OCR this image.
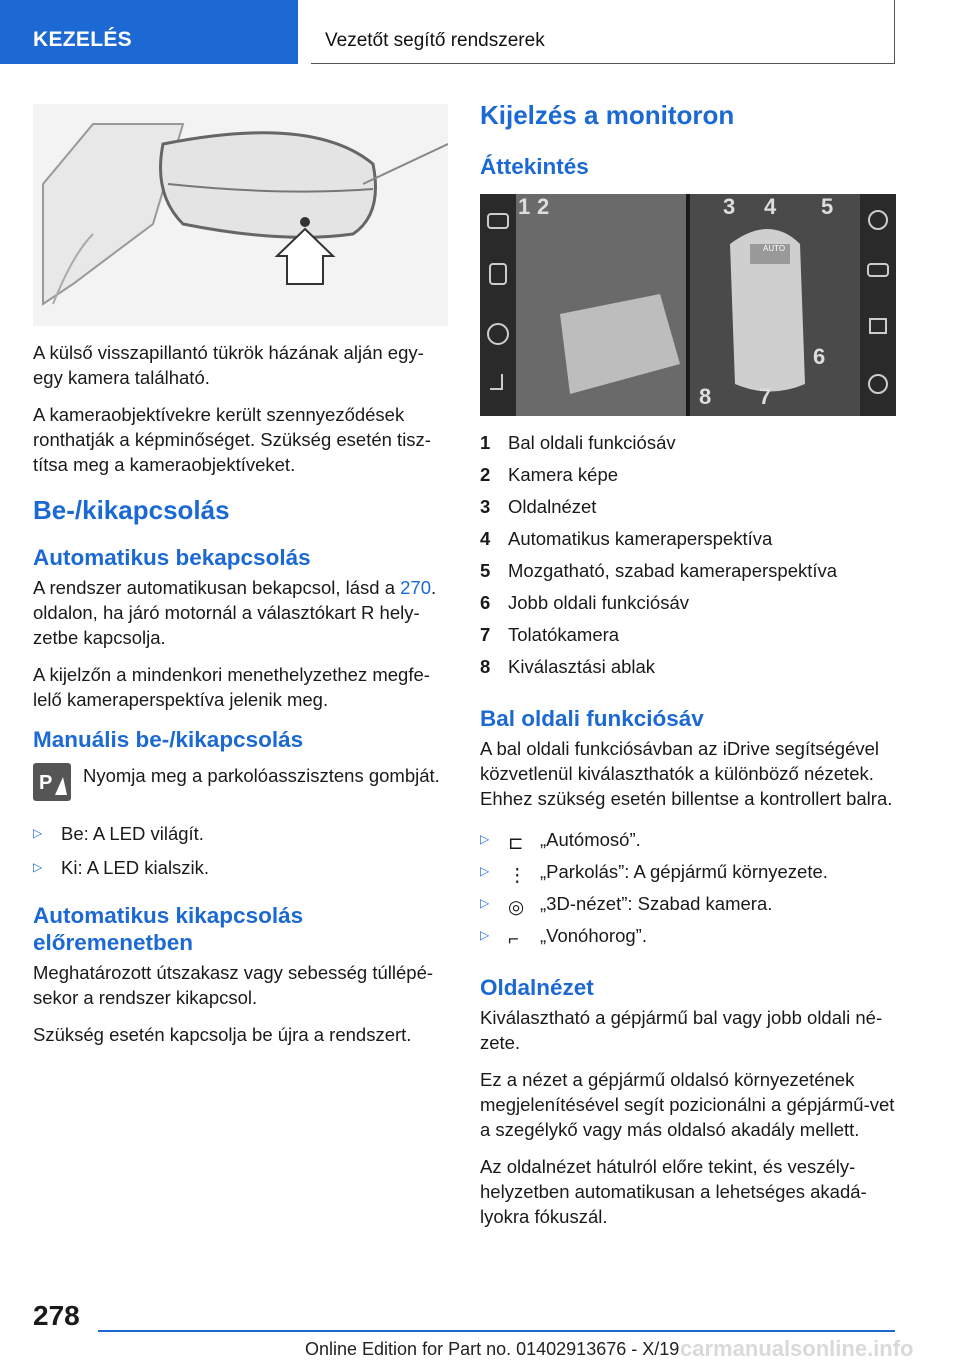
KEZELÉS	Vezetőt segítő rendszerek

A külső visszapillantó tükrök házának alján egy-egy kamera található.

A kameraobjektívekre került szennyeződések ronthatják a képminőséget. Szükség esetén tisz-títsa meg a kameraobjektíveket.

Be-/kikapcsolás
Automatikus bekapcsolás

A rendszer automatikusan bekapcsol, lásd a 270. oldalon, ha járó motornál a választókart R hely-zetbe kapcsolja.

A kijelzőn a mindenkori menethelyzethez megfe-lelő kameraperspektíva jelenik meg.

Manuális be-/kikapcsolás
P Nyomja meg a parkolóasszisztens gombját.

▷	Be: A LED világít.
▷	Ki: A LED kialszik.
Automatikus kikapcsolás előremenetben

Meghatározott útszakasz vagy sebesség túllépé-sekor a rendszer kikapcsol.

Szükség esetén kapcsolja be újra a rendszert.

Kijelzés a monitoron
Áttekintés
AUTO
1 2	3 4 5
6
7
8
1 Bal oldali funkciósáv
2 Kamera képe
3 Oldalnézet
4 Automatikus kameraperspektíva
5 Mozgatható, szabad kameraperspektíva
6 Jobb oldali funkciósáv
7 Tolatókamera
8 Kiválasztási ablak
Bal oldali funkciósáv

A bal oldali funkciósávban az iDrive segítségével közvetlenül kiválaszthatók a különböző nézetek. Ehhez szükség esetén billentse a kontrollert balra.

▷	⊏ „Autómosó”.
▷	⋮ „Parkolás”: A gépjármű környezete.
▷	◎ „3D-nézet”: Szabad kamera.
▷	⌐	„Vonóhorog”.
Oldalnézet

Kiválasztható a gépjármű bal vagy jobb oldali né-zete.

Ez a nézet a gépjármű oldalsó környezetének megjelenítésével segít pozicionálni a gépjármű-vet a szegélykő vagy más oldalsó akadály mellett.

Az oldalnézet hátulról előre tekint, és veszély-helyzetben automatikusan a lehetséges akadá-lyokra fókuszál.

278
Online Edition for Part no. 01402913676 - X/19 carmanualsonline.info
